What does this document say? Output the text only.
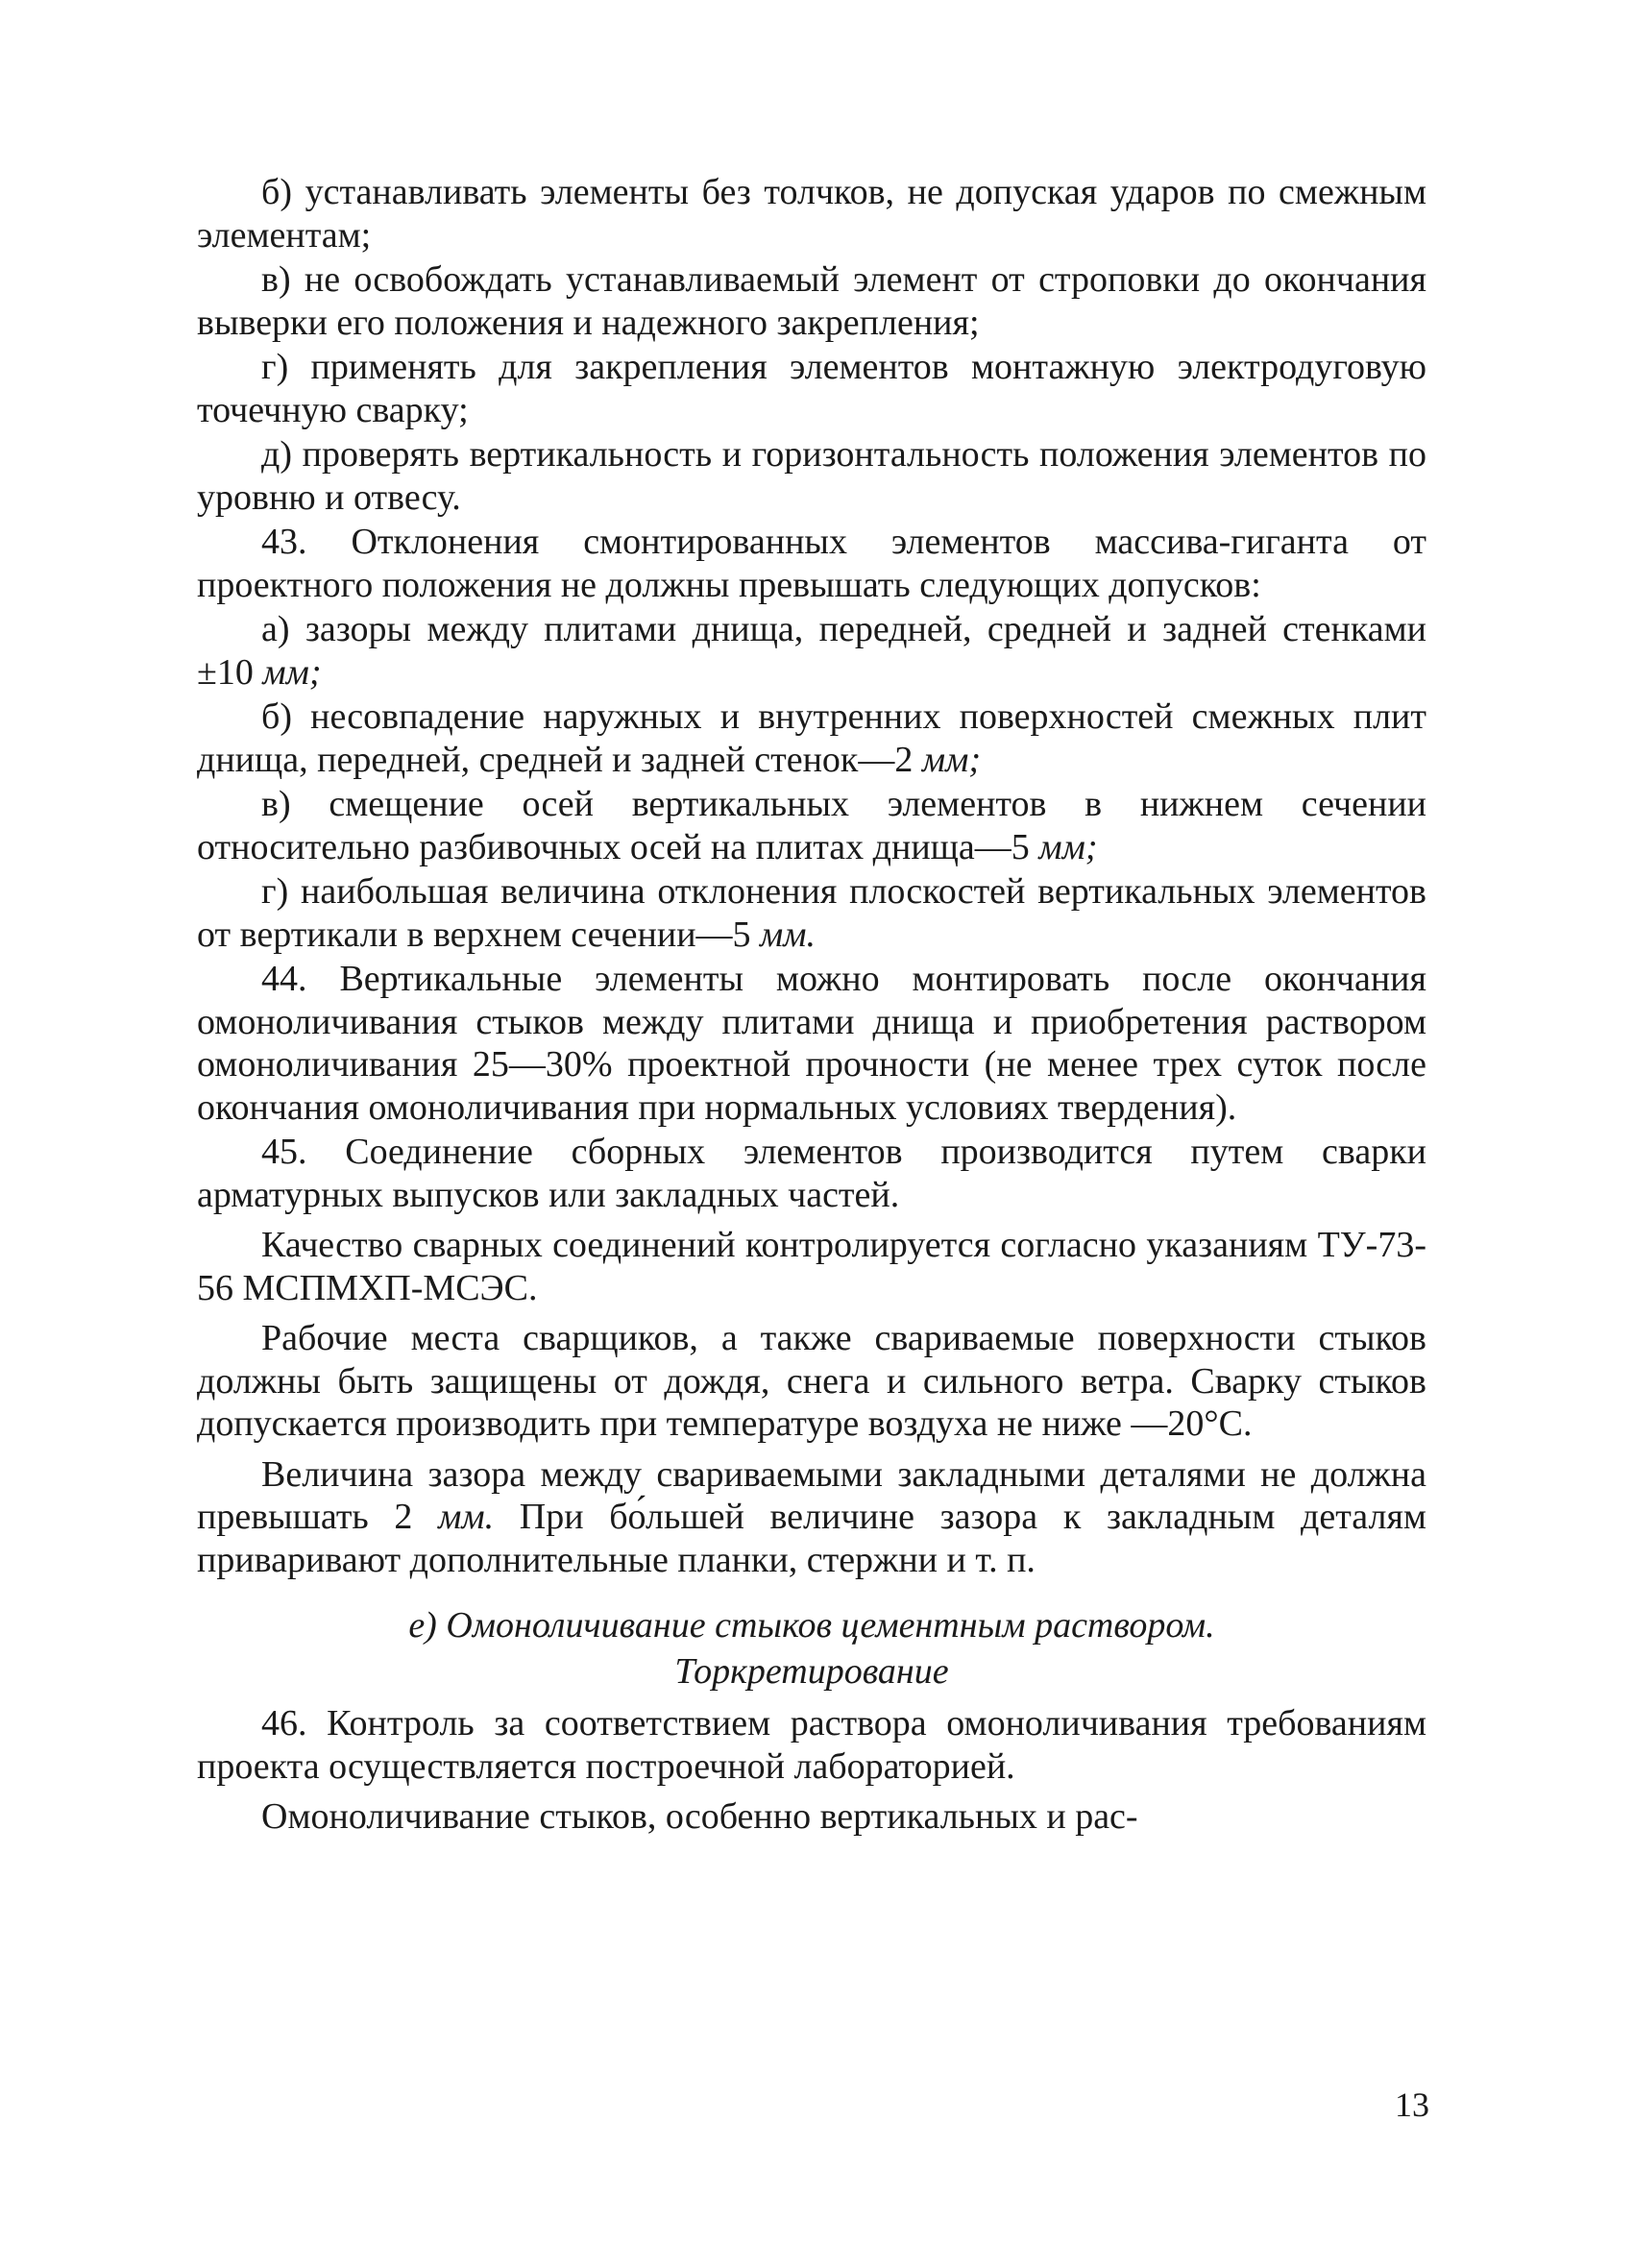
б) устанавливать элементы без толчков, не допуская ударов по смежным элементам;

в) не освобождать устанавливаемый элемент от строповки до окончания выверки его положения и надежного закрепления;

г) применять для закрепления элементов монтажную электродуговую точечную сварку;

д) проверять вертикальность и горизонтальность положения элементов по уровню и отвесу.

43. Отклонения смонтированных элементов массива-гиганта от проектного положения не должны превышать следующих допусков:

а) зазоры между плитами днища, передней, средней и задней стенками ±10 мм;

б) несовпадение наружных и внутренних поверхностей смежных плит днища, передней, средней и задней стенок—2 мм;

в) смещение осей вертикальных элементов в нижнем сечении относительно разбивочных осей на плитах днища—5 мм;

г) наибольшая величина отклонения плоскостей вертикальных элементов от вертикали в верхнем сечении—5 мм.

44. Вертикальные элементы можно монтировать после окончания омоноличивания стыков между плитами днища и приобретения раствором омоноличивания 25—30% проектной прочности (не менее трех суток после окончания омоноличивания при нормальных условиях твердения).

45. Соединение сборных элементов производится путем сварки арматурных выпусков или закладных частей.

Качество сварных соединений контролируется согласно указаниям ТУ-73-56 МСПМХП-МСЭС.

Рабочие места сварщиков, а также свариваемые поверхности стыков должны быть защищены от дождя, снега и сильного ветра. Сварку стыков допускается производить при температуре воздуха не ниже —20°С.

Величина зазора между свариваемыми закладными деталями не должна превышать 2 мм. При бо́льшей величине зазора к закладным деталям приваривают дополнительные планки, стержни и т. п.

е) Омоноличивание стыков цементным раствором.
Торкретирование

46. Контроль за соответствием раствора омоноличивания требованиям проекта осуществляется построечной лабораторией.

Омоноличивание стыков, особенно вертикальных и рас-

13
